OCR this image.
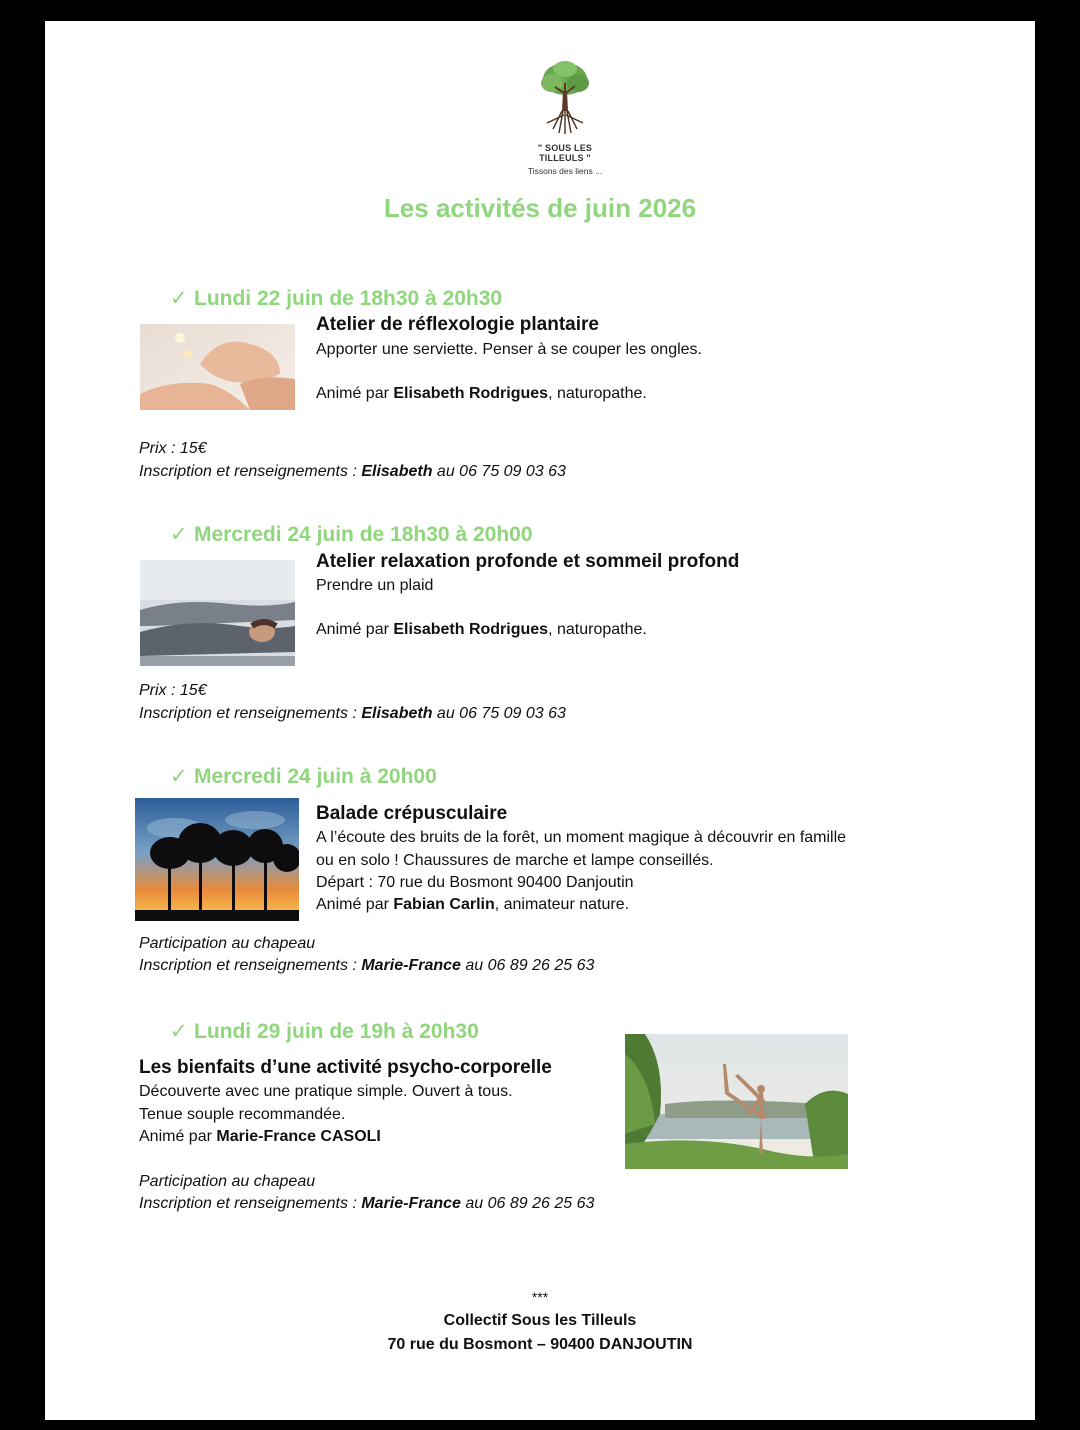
" SOUS LES TILLEULS "
Tissons des liens ...
Les activités de juin 2026
✓ Lundi 22 juin de 18h30 à 20h30
Atelier de réflexologie plantaire
Apporter une serviette. Penser à se couper les ongles.
Animé par Elisabeth Rodrigues, naturopathe.
Prix : 15€
Inscription et renseignements : Elisabeth au 06 75 09 03 63
✓ Mercredi 24 juin de 18h30 à 20h00
Atelier relaxation profonde et sommeil profond
Prendre un plaid
Animé par Elisabeth Rodrigues, naturopathe.
Prix : 15€
Inscription et renseignements : Elisabeth au 06 75 09 03 63
✓ Mercredi 24 juin à 20h00
Balade crépusculaire
A l’écoute des bruits de la forêt, un moment magique à découvrir en famille
ou en solo ! Chaussures de marche et lampe conseillés.
Départ : 70 rue du Bosmont 90400 Danjoutin
Animé par Fabian Carlin, animateur nature.
Participation au chapeau
Inscription et renseignements : Marie-France au 06 89 26 25 63
✓ Lundi 29 juin de 19h à 20h30
Les bienfaits d’une activité psycho-corporelle
Découverte avec une pratique simple. Ouvert à tous.
Tenue souple recommandée.
Animé par Marie-France CASOLI
Participation au chapeau
Inscription et renseignements : Marie-France au 06 89 26 25 63
***
Collectif Sous les Tilleuls
70 rue du Bosmont – 90400 DANJOUTIN
